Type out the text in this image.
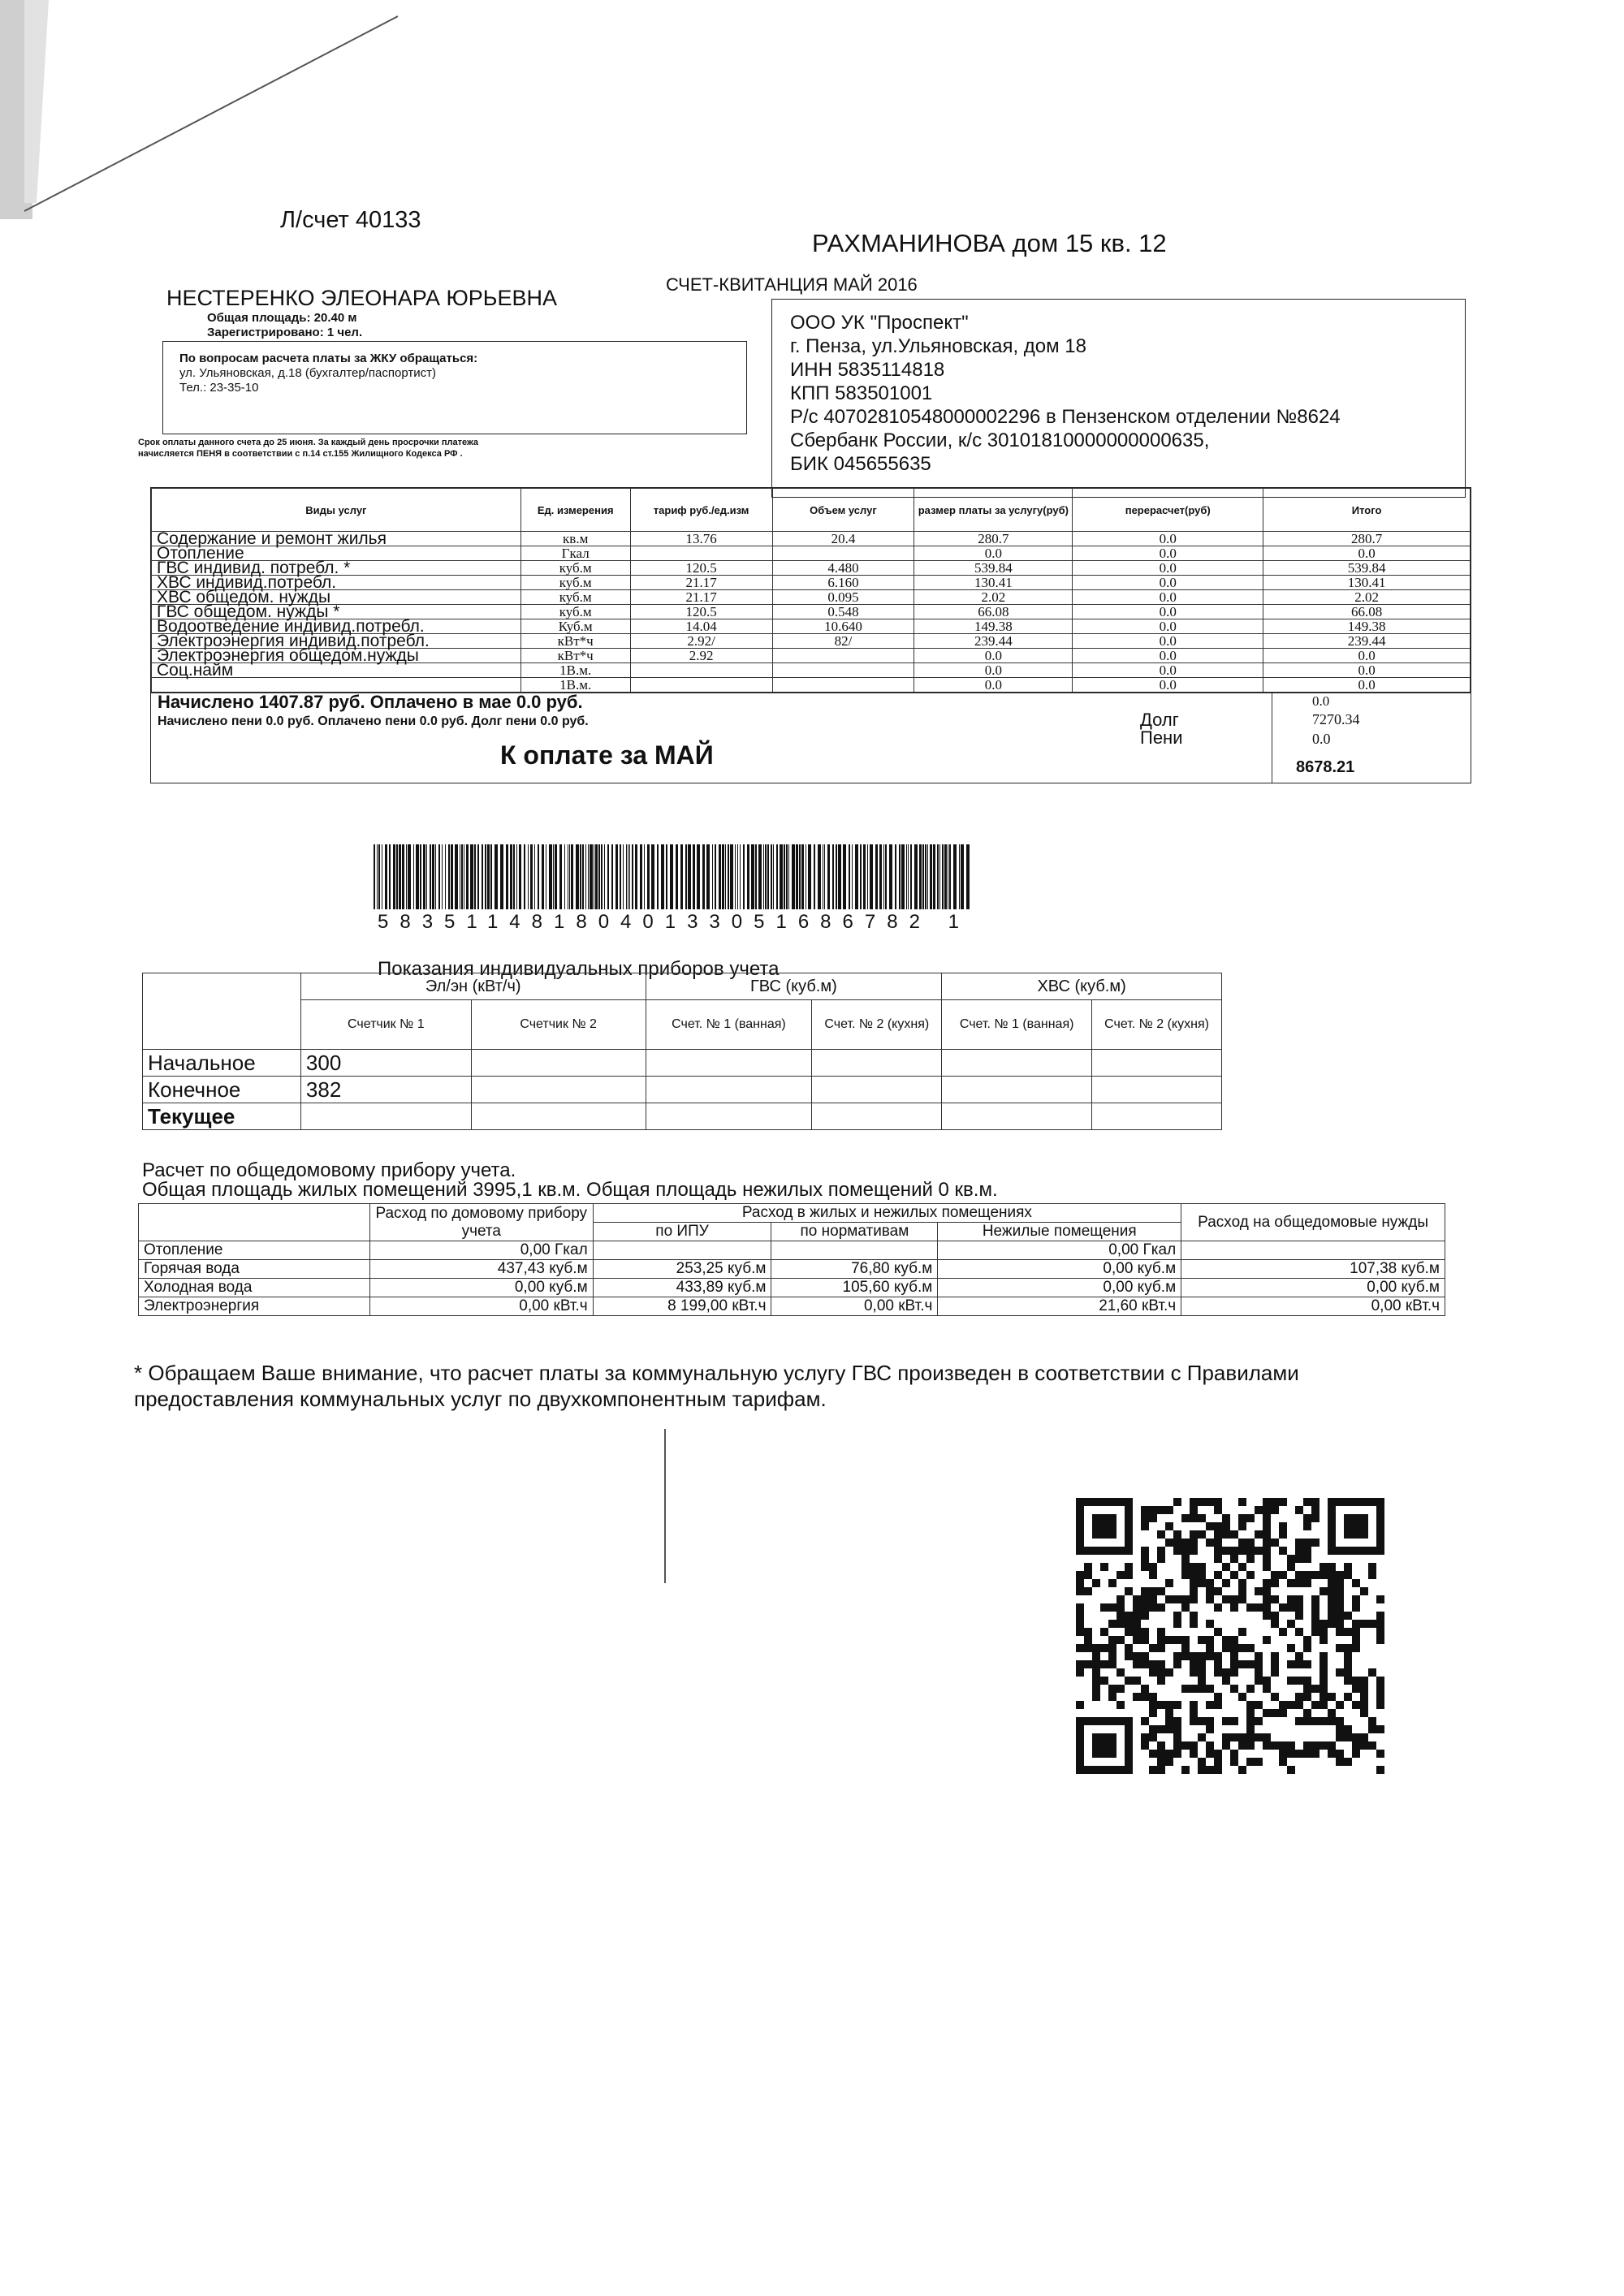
Л/счет 40133
РАХМАНИНОВА дом 15 кв. 12
СЧЕТ-КВИТАНЦИЯ МАЙ 2016
НЕСТЕРЕНКО ЭЛЕОНАРА ЮРЬЕВНА
Общая площадь: 20.40 м
Зарегистрировано: 1 чел.
По вопросам расчета платы за ЖКУ обращаться:
ул. Ульяновская, д.18 (бухгалтер/паспортист)
Тел.: 23-35-10
Срок оплаты данного счета до 25 июня. За каждый день просрочки платежа
начисляется ПЕНЯ в соответствии с п.14 ст.155 Жилищного Кодекса РФ .
ООО УК "Проспект"
г. Пенза, ул.Ульяновская, дом 18
ИНН 5835114818
КПП 583501001
Р/с 40702810548000002296 в Пензенском отделении №8624
Сбербанк России, к/с 30101810000000000635,
БИК 045655635
Виды услуг	Ед. измерения	тариф руб./ед.изм	Объем услуг	размер платы за услугу(руб)	перерасчет(руб)	Итого
Содержание и ремонт жилья	кв.м	13.76	20.4	280.7	0.0	280.7
Отопление	Гкал			0.0	0.0	0.0
ГВС индивид. потребл. *	куб.м	120.5	4.480	539.84	0.0	539.84
ХВС индивид.потребл.	куб.м	21.17	6.160	130.41	0.0	130.41
ХВС общедом. нужды	куб.м	21.17	0.095	2.02	0.0	2.02
ГВС общедом. нужды *	куб.м	120.5	0.548	66.08	0.0	66.08
Водоотведение индивид.потребл.	Куб.м	14.04	10.640	149.38	0.0	149.38
Электроэнергия индивид.потребл.	кВт*ч	2.92/	82/	239.44	0.0	239.44
Электроэнергия общедом.нужды	кВт*ч	2.92		0.0	0.0	0.0
Соц.найм	1В.м.			0.0	0.0	0.0
	1В.м.			0.0	0.0	0.0
Начислено 1407.87 руб. Оплачено в мае 0.0 руб.	0.0
Начислено пени 0.0 руб. Оплачено пени 0.0 руб. Долг пени 0.0 руб.	Долг	7270.34
Пени	0.0
К оплате за МАЙ	8678.21
5835114818040133051686782 1
Показания индивидуальных приборов учета
	Эл/эн (кВт/ч)		ГВС (куб.м)		ХВС (куб.м)	
	Счетчик № 1	Счетчик № 2	Счет. № 1 (ванная)	Счет. № 2 (кухня)	Счет. № 1 (ванная)	Счет. № 2 (кухня)
Начальное	300					
Конечное	382					
Текущее						
Расчет по общедомовому прибору учета.
Общая площадь жилых помещений 3995,1 кв.м. Общая площадь нежилых помещений 0 кв.м.
	Расход по домовому прибору учета	Расход в жилых и нежилых помещениях			Расход на общедомовые нужды
		по ИПУ	по нормативам	Нежилые помещения	
Отопление	0,00 Гкал			0,00 Гкал	
Горячая вода	437,43 куб.м	253,25 куб.м	76,80 куб.м	0,00 куб.м	107,38 куб.м
Холодная вода	0,00 куб.м	433,89 куб.м	105,60 куб.м	0,00 куб.м	0,00 куб.м
Электроэнергия	0,00 кВт.ч	8 199,00 кВт.ч	0,00 кВт.ч	21,60 кВт.ч	0,00 кВт.ч
* Обращаем Ваше внимание, что расчет платы за коммунальную услугу ГВС произведен в соответствии с Правилами предоставления коммунальных услуг по двухкомпонентным тарифам.
